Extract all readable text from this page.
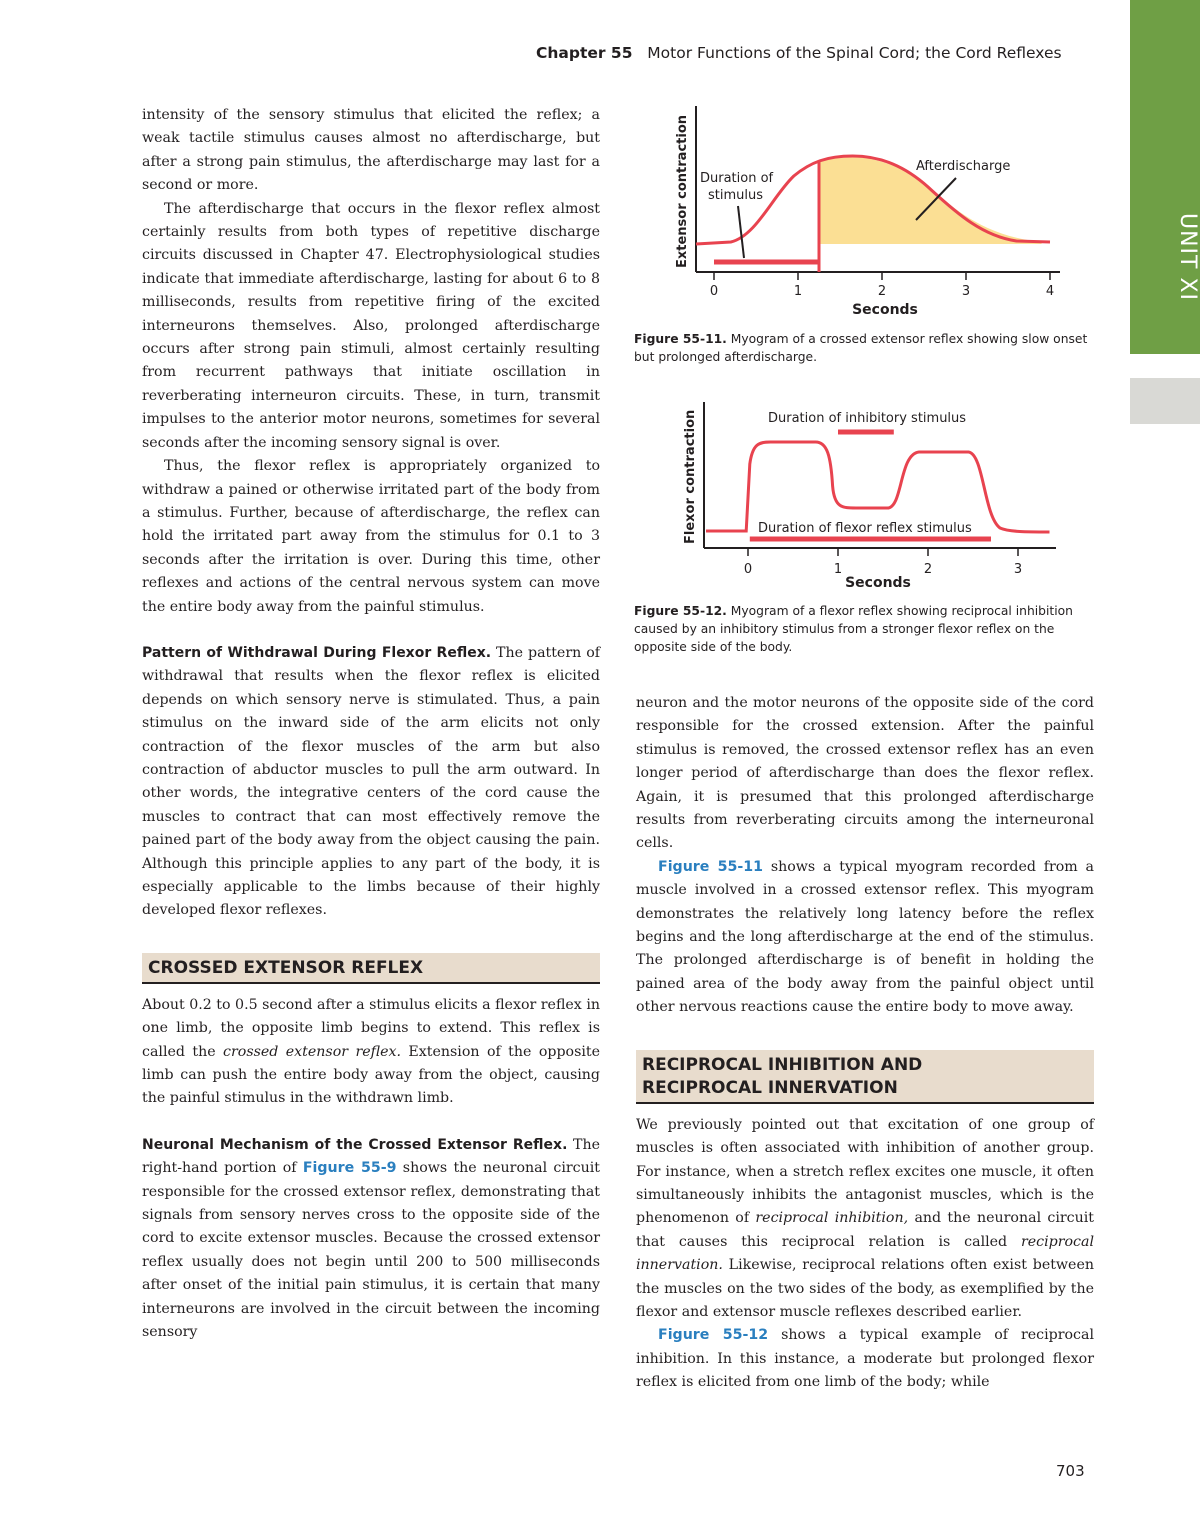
Chapter 55 Motor Functions of the Spinal Cord; the Cord Reflexes
UNIT XI

intensity of the sensory stimulus that elicited the reflex; a weak tactile stimulus causes almost no afterdischarge, but after a strong pain stimulus, the afterdischarge may last for a second or more.

The afterdischarge that occurs in the flexor reflex almost certainly results from both types of repetitive discharge circuits discussed in Chapter 47. Electrophysiological studies indicate that immediate afterdischarge, lasting for about 6 to 8 milliseconds, results from repetitive firing of the excited interneurons themselves. Also, prolonged afterdischarge occurs after strong pain stimuli, almost certainly resulting from recurrent pathways that initiate oscillation in reverberating interneuron circuits. These, in turn, transmit impulses to the anterior motor neurons, sometimes for several seconds after the incoming sensory signal is over.

Thus, the flexor reflex is appropriately organized to withdraw a pained or otherwise irritated part of the body from a stimulus. Further, because of afterdischarge, the reflex can hold the irritated part away from the stimulus for 0.1 to 3 seconds after the irritation is over. During this time, other reflexes and actions of the central nervous system can move the entire body away from the painful stimulus.

Pattern of Withdrawal During Flexor Reflex. The pattern of withdrawal that results when the flexor reflex is elicited depends on which sensory nerve is stimulated. Thus, a pain stimulus on the inward side of the arm elicits not only contraction of the flexor muscles of the arm but also contraction of abductor muscles to pull the arm outward. In other words, the integrative centers of the cord cause the muscles to contract that can most effectively remove the pained part of the body away from the object causing the pain. Although this principle applies to any part of the body, it is especially applicable to the limbs because of their highly developed flexor reflexes.

CROSSED EXTENSOR REFLEX

About 0.2 to 0.5 second after a stimulus elicits a flexor reflex in one limb, the opposite limb begins to extend. This reflex is called the crossed extensor reflex. Extension of the opposite limb can push the entire body away from the object, causing the painful stimulus in the withdrawn limb.

Neuronal Mechanism of the Crossed Extensor Reflex. The right-hand portion of Figure 55-9 shows the neuronal circuit responsible for the crossed extensor reflex, demonstrating that signals from sensory nerves cross to the opposite side of the cord to excite extensor muscles. Because the crossed extensor reflex usually does not begin until 200 to 500 milliseconds after onset of the initial pain stimulus, it is certain that many interneurons are involved in the circuit between the incoming sensory

0	1	2	3	4
Extensor contraction
Seconds
Duration of
stimulus
Afterdischarge
Figure 55-11. Myogram of a crossed extensor reflex showing slow onset but prolonged afterdischarge.
0	1	2	3
Flexor contraction
Seconds
Duration of inhibitory stimulus
Duration of flexor reflex stimulus
Figure 55-12. Myogram of a flexor reflex showing reciprocal inhibition caused by an inhibitory stimulus from a stronger flexor reflex on the opposite side of the body.

neuron and the motor neurons of the opposite side of the cord responsible for the crossed extension. After the painful stimulus is removed, the crossed extensor reflex has an even longer period of afterdischarge than does the flexor reflex. Again, it is presumed that this prolonged afterdischarge results from reverberating circuits among the interneuronal cells.

Figure 55-11 shows a typical myogram recorded from a muscle involved in a crossed extensor reflex. This myogram demonstrates the relatively long latency before the reflex begins and the long afterdischarge at the end of the stimulus. The prolonged afterdischarge is of benefit in holding the pained area of the body away from the painful object until other nervous reactions cause the entire body to move away.

RECIPROCAL INHIBITION AND
RECIPROCAL INNERVATION

We previously pointed out that excitation of one group of muscles is often associated with inhibition of another group. For instance, when a stretch reflex excites one muscle, it often simultaneously inhibits the antagonist muscles, which is the phenomenon of reciprocal inhibition, and the neuronal circuit that causes this reciprocal relation is called reciprocal innervation. Likewise, reciprocal relations often exist between the muscles on the two sides of the body, as exemplified by the flexor and extensor muscle reflexes described earlier.

Figure 55-12 shows a typical example of reciprocal inhibition. In this instance, a moderate but prolonged flexor reflex is elicited from one limb of the body; while

703
